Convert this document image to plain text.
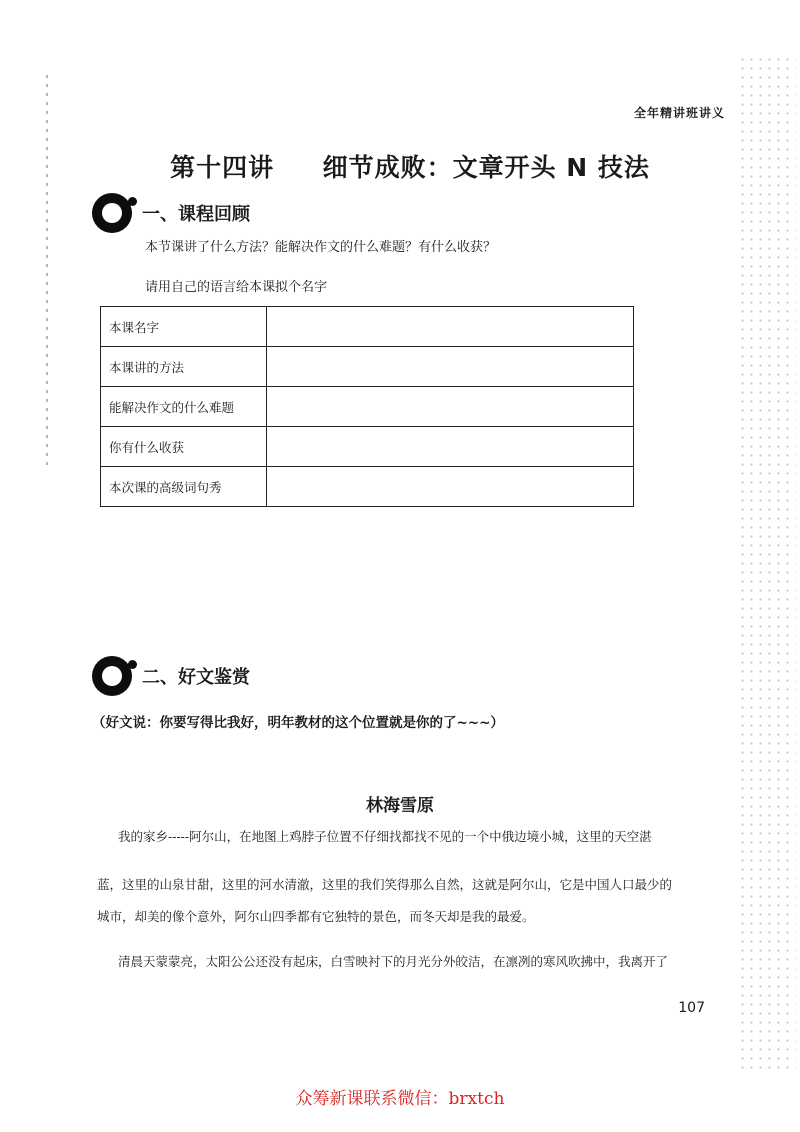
全年精讲班讲义
第十四讲     细节成败：文章开头 N 技法
一、课程回顾
本节课讲了什么方法？能解决作文的什么难题？有什么收获？
请用自己的语言给本课拟个名字
本课名字	
本课讲的方法	
能解决作文的什么难题	
你有什么收获	
本次课的高级词句秀	
二、好文鉴赏
（好文说：你要写得比我好，明年教材的这个位置就是你的了~~~）
林海雪原
我的家乡-----阿尔山，在地图上鸡脖子位置不仔细找都找不见的一个中俄边境小城，这里的天空湛
蓝，这里的山泉甘甜，这里的河水清澈，这里的我们笑得那么自然，这就是阿尔山，它是中国人口最少的
城市，却美的像个意外，阿尔山四季都有它独特的景色，而冬天却是我的最爱。
清晨天蒙蒙亮，太阳公公还没有起床，白雪映衬下的月光分外皎洁，在凛冽的寒风吹拂中，我离开了
107
众筹新课联系微信：brxtch
